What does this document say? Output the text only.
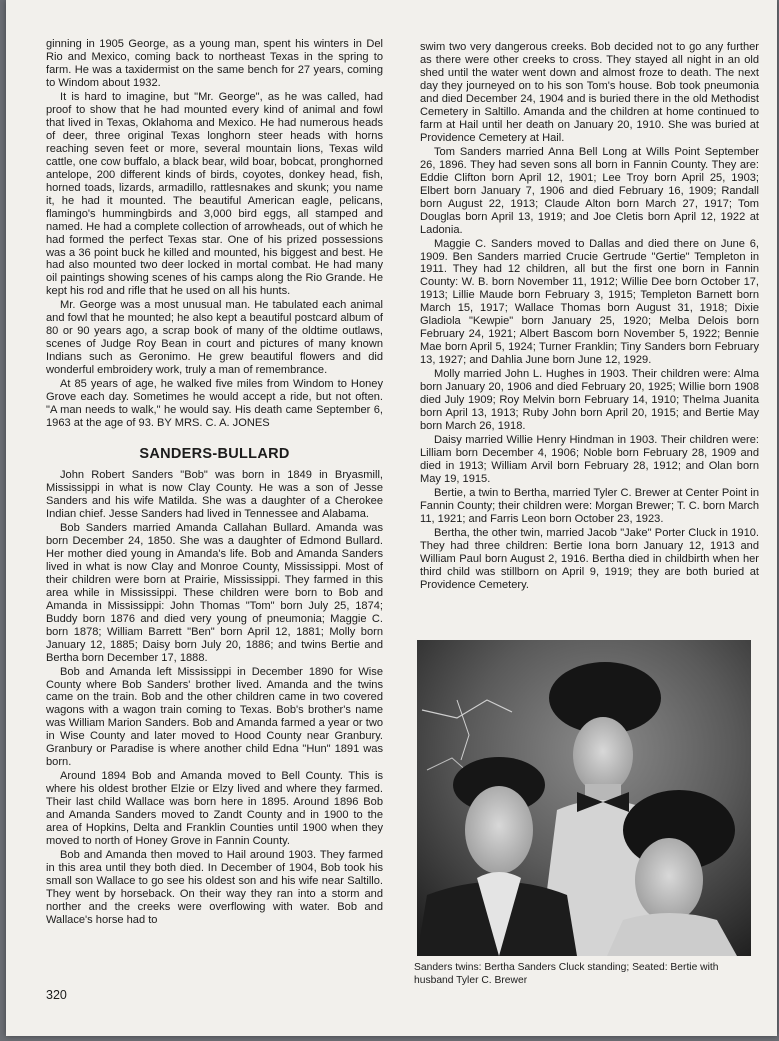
ginning in 1905 George, as a young man, spent his winters in Del Rio and Mexico, coming back to northeast Texas in the spring to farm. He was a taxidermist on the same bench for 27 years, coming to Windom about 1932.

It is hard to imagine, but "Mr. George", as he was called, had proof to show that he had mounted every kind of animal and fowl that lived in Texas, Oklahoma and Mexico. He had numerous heads of deer, three original Texas longhorn steer heads with horns reaching seven feet or more, several mountain lions, Texas wild cattle, one cow buffalo, a black bear, wild boar, bobcat, pronghorned antelope, 200 different kinds of birds, coyotes, donkey head, fish, horned toads, lizards, armadillo, rattlesnakes and skunk; you name it, he had it mounted. The beautiful American eagle, pelicans, flamingo's hummingbirds and 3,000 bird eggs, all stamped and named. He had a complete collection of arrowheads, out of which he had formed the perfect Texas star. One of his prized possessions was a 36 point buck he killed and mounted, his biggest and best. He had also mounted two deer locked in mortal combat. He had many oil paintings showing scenes of his camps along the Rio Grande. He kept his rod and rifle that he used on all his hunts.

Mr. George was a most unusual man. He tabulated each animal and fowl that he mounted; he also kept a beautiful postcard album of 80 or 90 years ago, a scrap book of many of the oldtime outlaws, scenes of Judge Roy Bean in court and pictures of many known Indians such as Geronimo. He grew beautiful flowers and did wonderful embroidery work, truly a man of remembrance.

At 85 years of age, he walked five miles from Windom to Honey Grove each day. Sometimes he would accept a ride, but not often. "A man needs to walk," he would say. His death came September 6, 1963 at the age of 93. BY MRS. C. A. JONES

SANDERS-BULLARD

John Robert Sanders "Bob" was born in 1849 in Bryasmill, Mississippi in what is now Clay County. He was a son of Jesse Sanders and his wife Matilda. She was a daughter of a Cherokee Indian chief. Jesse Sanders had lived in Tennessee and Alabama.

Bob Sanders married Amanda Callahan Bullard. Amanda was born December 24, 1850. She was a daughter of Edmond Bullard. Her mother died young in Amanda's life. Bob and Amanda Sanders lived in what is now Clay and Monroe County, Mississippi. Most of their children were born at Prairie, Mississippi. They farmed in this area while in Mississippi. These children were born to Bob and Amanda in Mississippi: John Thomas "Tom" born July 25, 1874; Buddy born 1876 and died very young of pneumonia; Maggie C. born 1878; William Barrett "Ben" born April 12, 1881; Molly born January 12, 1885; Daisy born July 20, 1886; and twins Bertie and Bertha born December 17, 1888.

Bob and Amanda left Mississippi in December 1890 for Wise County where Bob Sanders' brother lived. Amanda and the twins came on the train. Bob and the other children came in two covered wagons with a wagon train coming to Texas. Bob's brother's name was William Marion Sanders. Bob and Amanda farmed a year or two in Wise County and later moved to Hood County near Granbury. Granbury or Paradise is where another child Edna "Hun" 1891 was born.

Around 1894 Bob and Amanda moved to Bell County. This is where his oldest brother Elzie or Elzy lived and where they farmed. Their last child Wallace was born here in 1895. Around 1896 Bob and Amanda Sanders moved to Zandt County and in 1900 to the area of Hopkins, Delta and Franklin Counties until 1900 when they moved to north of Honey Grove in Fannin County.

Bob and Amanda then moved to Hail around 1903. They farmed in this area until they both died. In December of 1904, Bob took his small son Wallace to go see his oldest son and his wife near Saltillo. They went by horseback. On their way they ran into a storm and norther and the creeks were overflowing with water. Bob and Wallace's horse had to

swim two very dangerous creeks. Bob decided not to go any further as there were other creeks to cross. They stayed all night in an old shed until the water went down and almost froze to death. The next day they journeyed on to his son Tom's house. Bob took pneumonia and died December 24, 1904 and is buried there in the old Methodist Cemetery in Saltillo. Amanda and the children at home continued to farm at Hail until her death on January 20, 1910. She was buried at Providence Cemetery at Hail.

Tom Sanders married Anna Bell Long at Wills Point September 26, 1896. They had seven sons all born in Fannin County. They are: Eddie Clifton born April 12, 1901; Lee Troy born April 25, 1903; Elbert born January 7, 1906 and died February 16, 1909; Randall born August 22, 1913; Claude Alton born March 27, 1917; Tom Douglas born April 13, 1919; and Joe Cletis born April 12, 1922 at Ladonia.

Maggie C. Sanders moved to Dallas and died there on June 6, 1909. Ben Sanders married Crucie Gertrude "Gertie" Templeton in 1911. They had 12 children, all but the first one born in Fannin County: W. B. born November 11, 1912; Willie Dee born October 17, 1913; Lillie Maude born February 3, 1915; Templeton Barnett born March 15, 1917; Wallace Thomas born August 31, 1918; Dixie Gladiola "Kewpie" born January 25, 1920; Melba Delois born February 24, 1921; Albert Bascom born November 5, 1922; Bennie Mae born April 5, 1924; Turner Franklin; Tiny Sanders born February 13, 1927; and Dahlia June born June 12, 1929.

Molly married John L. Hughes in 1903. Their children were: Alma born January 20, 1906 and died February 20, 1925; Willie born 1908 died July 1909; Roy Melvin born February 14, 1910; Thelma Juanita born April 13, 1913; Ruby John born April 20, 1915; and Bertie May born March 26, 1918.

Daisy married Willie Henry Hindman in 1903. Their children were: Lilliam born December 4, 1906; Noble born February 28, 1909 and died in 1913; William Arvil born February 28, 1912; and Olan born May 19, 1915.

Bertie, a twin to Bertha, married Tyler C. Brewer at Center Point in Fannin County; their children were: Morgan Brewer; T. C. born March 11, 1921; and Farris Leon born October 23, 1923.

Bertha, the other twin, married Jacob "Jake" Porter Cluck in 1910. They had three children: Bertie Iona born January 12, 1913 and William Paul born August 2, 1916. Bertha died in childbirth when her third child was stillborn on April 9, 1919; they are both buried at Providence Cemetery.

Sanders twins: Bertha Sanders Cluck standing; Seated: Bertie with husband Tyler C. Brewer
320
